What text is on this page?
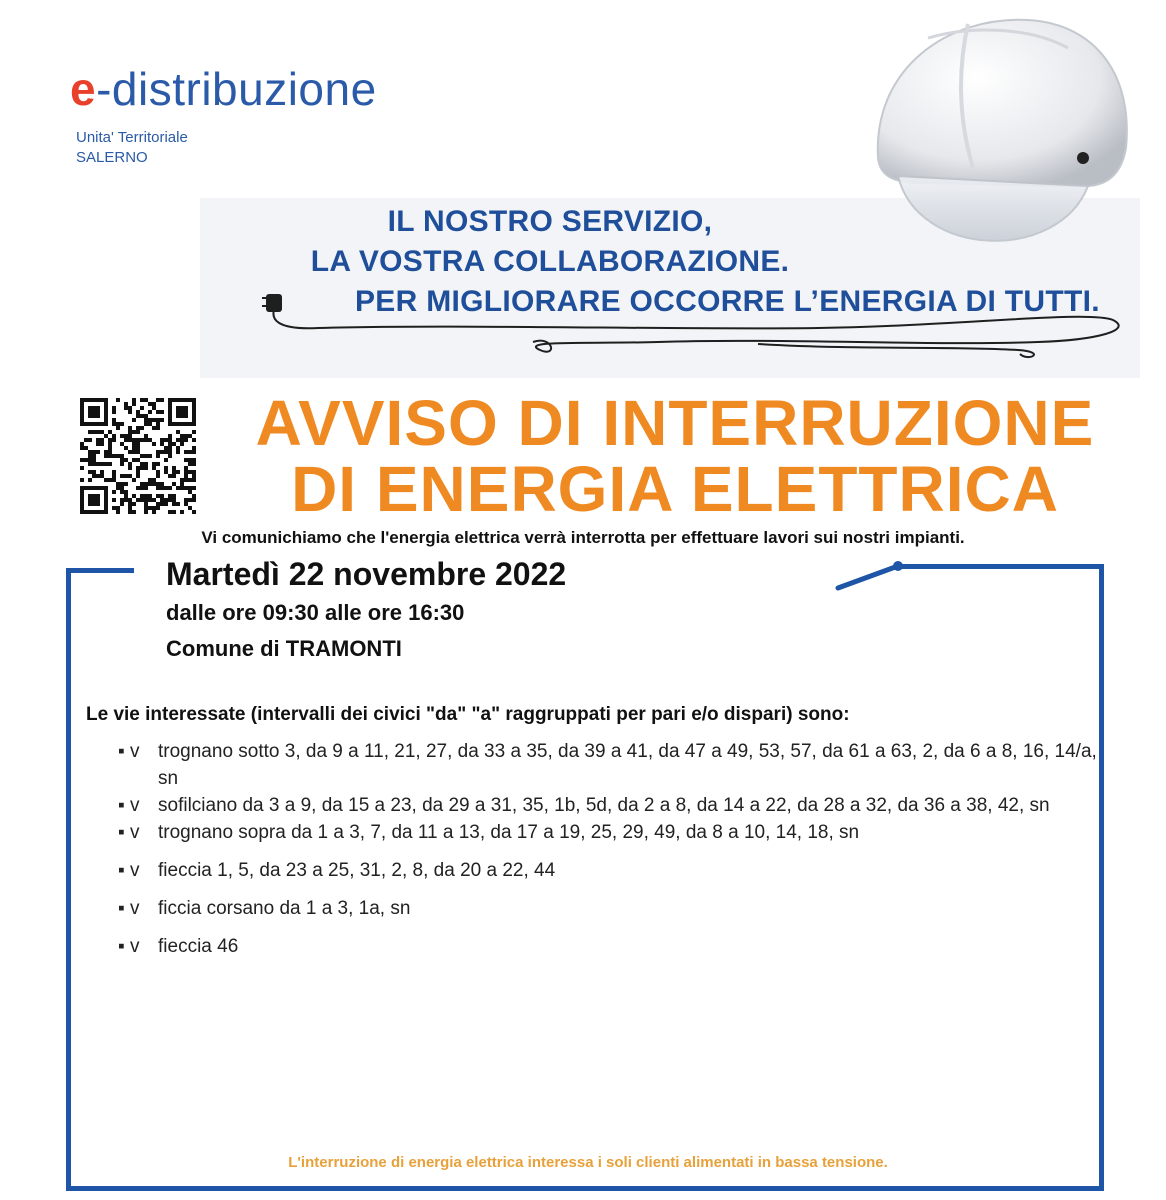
e-distribuzione
Unita' Territoriale
SALERNO
IL NOSTRO SERVIZIO,
LA VOSTRA COLLABORAZIONE.
PER MIGLIORARE OCCORRE L’ENERGIA DI TUTTI.
AVVISO DI INTERRUZIONE
DI ENERGIA ELETTRICA
Vi comunichiamo che l'energia elettrica verrà interrotta per effettuare lavori sui nostri impianti.
Martedì 22 novembre 2022
dalle ore 09:30 alle ore 16:30
Comune di TRAMONTI
Le vie interessate (intervalli dei civici "da" "a" raggruppati per pari e/o dispari) sono:
▪ v trognano sotto 3, da 9 a 11, 21, 27, da 33 a 35, da 39 a 41, da 47 a 49, 53, 57, da 61 a 63, 2, da 6 a 8, 16, 14/a, sn
▪ v sofilciano da 3 a 9, da 15 a 23, da 29 a 31, 35, 1b, 5d, da 2 a 8, da 14 a 22, da 28 a 32, da 36 a 38, 42, sn
▪ v trognano sopra da 1 a 3, 7, da 11 a 13, da 17 a 19, 25, 29, 49, da 8 a 10, 14, 18, sn
▪ v fieccia 1, 5, da 23 a 25, 31, 2, 8, da 20 a 22, 44
▪ v ficcia corsano da 1 a 3, 1a, sn
▪ v fieccia 46
L'interruzione di energia elettrica interessa i soli clienti alimentati in bassa tensione.
